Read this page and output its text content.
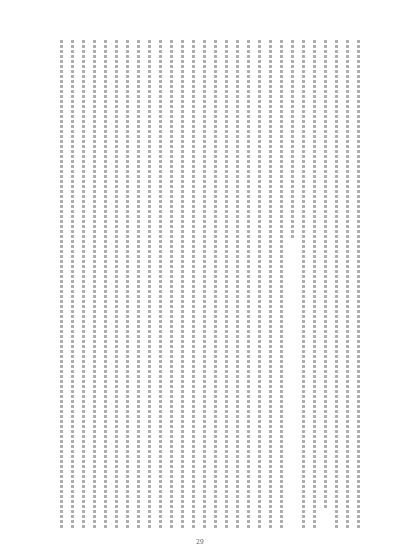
29
